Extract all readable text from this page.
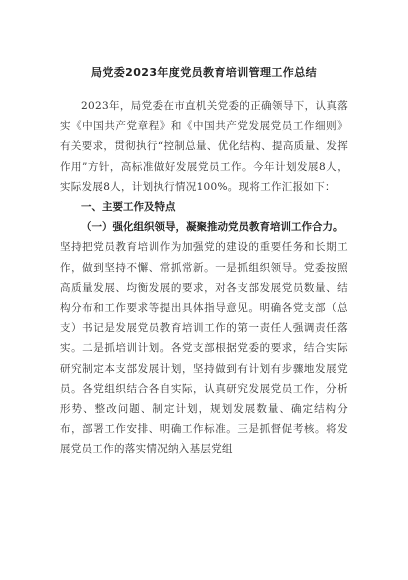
局党委2023年度党员教育培训管理工作总结

2023年，局党委在市直机关党委的正确领导下，认真落实《中国共产党章程》和《中国共产党发展党员工作细则》有关要求，贯彻执行“控制总量、优化结构、提高质量、发挥作用”方针，高标准做好发展党员工作。今年计划发展8人，实际发展8人，计划执行情况100%。现将工作汇报如下：

一、主要工作及特点

（一）强化组织领导，凝聚推动党员教育培训工作合力。

坚持把党员教育培训作为加强党的建设的重要任务和长期工作，做到坚持不懈、常抓常新。一是抓组织领导。党委按照高质量发展、均衡发展的要求，对各支部发展党员数量、结构分布和工作要求等提出具体指导意见。明确各党支部（总支）书记是发展党员教育培训工作的第一责任人强调责任落实。二是抓培训计划。各党支部根据党委的要求，结合实际研究制定本支部发展计划，坚持做到有计划有步骤地发展党员。各党组织结合各自实际，认真研究发展党员工作，分析形势、整改问题、制定计划，规划发展数量、确定结构分布，部署工作安排、明确工作标准。三是抓督促考核。将发展党员工作的落实情况纳入基层党组
